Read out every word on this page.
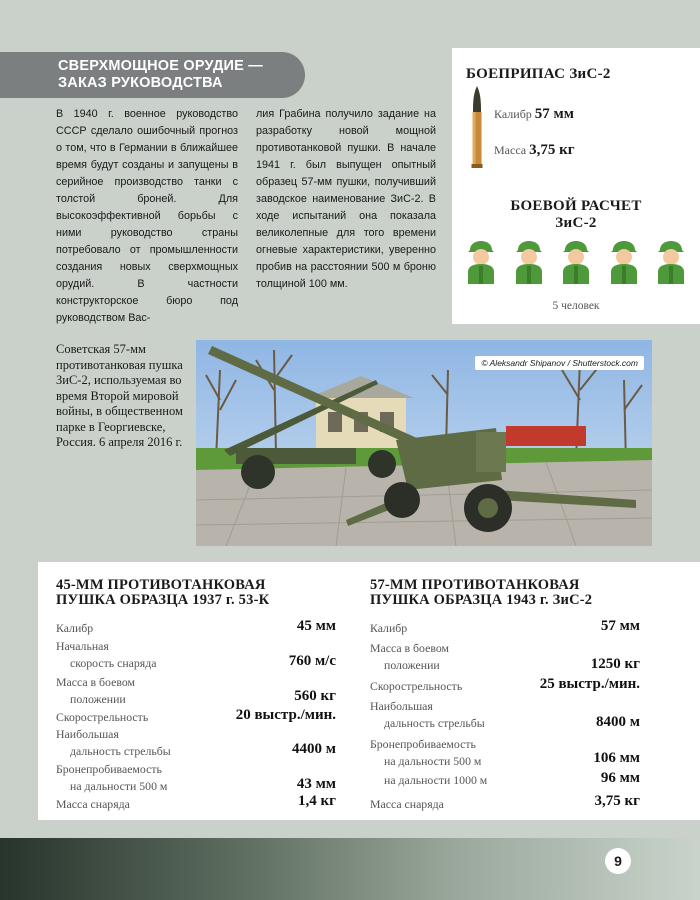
СВЕРХМОЩНОЕ ОРУДИЕ —
ЗАКАЗ РУКОВОДСТВА
В 1940 г. военное руководство СССР сделало ошибочный прогноз о том, что в Германии в ближайшее время будут созданы и запущены в серийное производство танки с толстой броней. Для высокоэффективной борьбы с ними руководство страны потребовало от промышленности создания новых сверхмощных орудий. В частности конструкторское бюро под руководством Вас-
лия Грабина получило задание на разработку новой мощной противотанковой пушки. В начале 1941 г. был выпущен опытный образец 57-мм пушки, получивший заводское наименование ЗиС-2. В ходе испытаний она показала великолепные для того времени огневые характеристики, уверенно пробив на расстоянии 500 м броню толщиной 100 мм.
БОЕПРИПАС ЗиС-2
Калибр 57 мм
Масса 3,75 кг
БОЕВОЙ РАСЧЕТ
ЗиС-2
5 человек
Советская 57-мм противотанковая пушка ЗиС-2, используемая во время Второй мировой войны, в общественном парке в Георгиевске, Россия. 6 апреля 2016 г.
© Aleksandr Shipanov / Shutterstock.com
45-ММ ПРОТИВОТАНКОВАЯ
ПУШКА ОБРАЗЦА 1937 г. 53-К
Калибр	45 мм
Начальная
скорость снаряда	760 м/с
Масса в боевом
положении	560 кг
Скорострельность	20 выстр./мин.
Наибольшая
дальность стрельбы	4400 м
Бронепробиваемость
на дальности 500 м	43 мм
Масса снаряда	1,4 кг
57-ММ ПРОТИВОТАНКОВАЯ
ПУШКА ОБРАЗЦА 1943 г. ЗиС-2
Калибр	57 мм
Масса в боевом
положении	1250 кг
Скорострельность	25 выстр./мин.
Наибольшая
дальность стрельбы	8400 м
Бронепробиваемость
на дальности 500 м	106 мм
на дальности 1000 м	96 мм
Масса снаряда	3,75 кг
9
